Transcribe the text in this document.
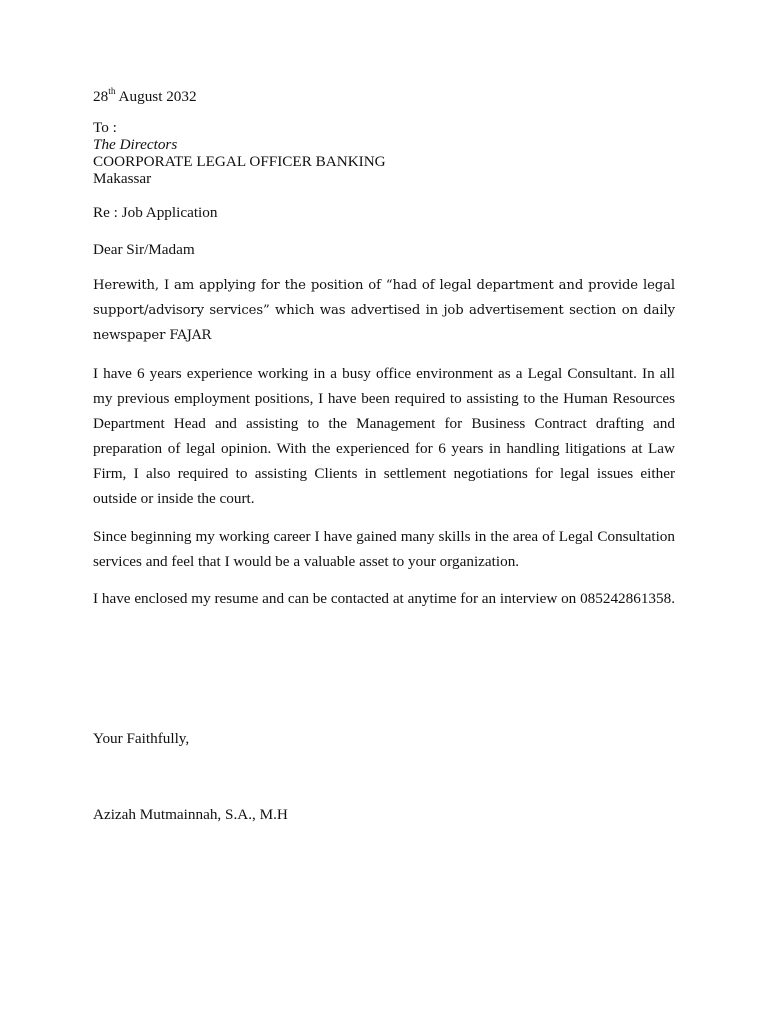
28th August 2032
To :
The Directors
COORPORATE LEGAL OFFICER BANKING
Makassar
Re : Job Application
Dear Sir/Madam
Herewith, I am applying for the position of “had of legal department and provide legal support/advisory services” which was advertised in job advertisement section on daily newspaper FAJAR
I have 6 years experience working in a busy office environment as a Legal Consultant. In all my previous employment positions, I have been required to assisting to the Human Resources Department Head and assisting to the Management for Business Contract drafting and preparation of legal opinion. With the experienced for 6 years in handling litigations at Law Firm, I also required to assisting Clients in settlement negotiations for legal issues either outside or inside the court.
Since beginning my working career I have gained many skills in the area of Legal Consultation services and feel that I would be a valuable asset to your organization.
I have enclosed my resume and can be contacted at anytime for an interview on 085242861358.
Your Faithfully,
Azizah Mutmainnah, S.A., M.H
